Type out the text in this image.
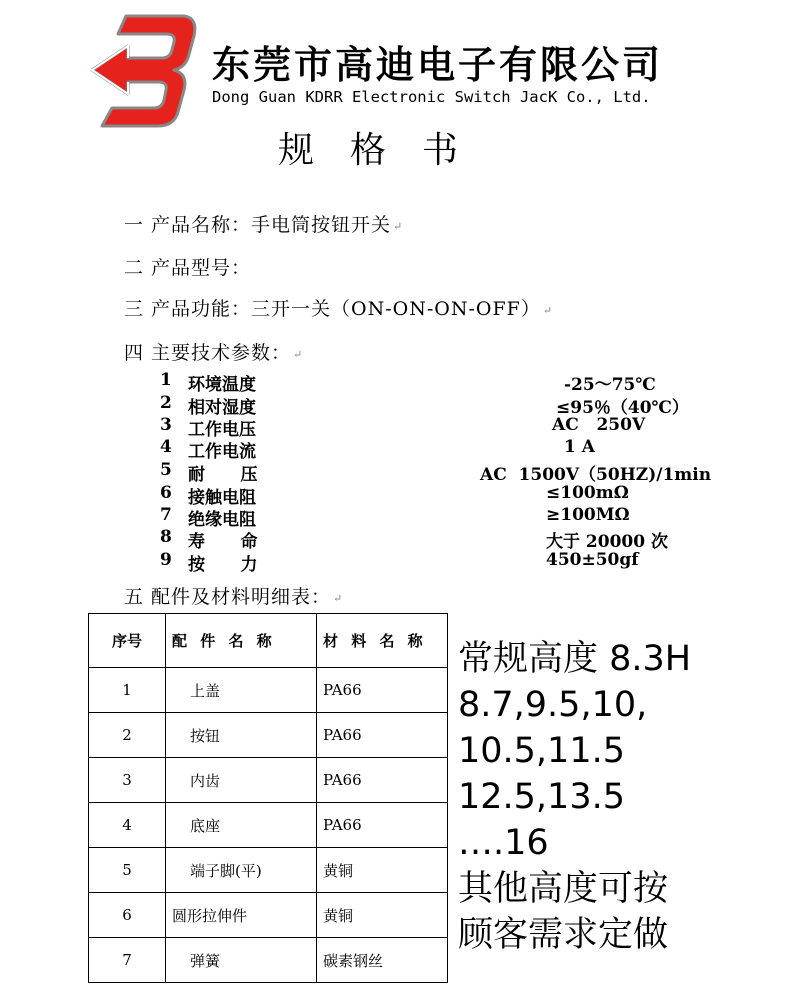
东莞市高迪电子有限公司
Dong Guan KDRR Electronic Switch JacK Co., Ltd.
规格书
一 产品名称：手电筒按钮开关 ↵
二 产品型号：
三 产品功能：三开一关（ON-ON-ON-OFF） ↵
四 主要技术参数： ↵
1 环境温度	-25～75℃
2 相对湿度	≤95％（40℃）
3 工作电压	AC   250V
4 工作电流	1 A
5 耐      压	AC  1500V（50HZ)/1min
6 接触电阻	≤100mΩ
7 绝缘电阻	≥100MΩ
8 寿      命	大于 20000 次
9 按      力	450±50gf
五 配件及材料明细表： ↵
序号	配 件 名 称	材 料 名 称
1	上盖	PA66
2	按钮	PA66
3	内齿	PA66
4	底座	PA66
5	端子脚(平)	黄铜
6	圆形拉伸件	黄铜
7	弹簧	碳素钢丝
常规高度 8.3H
8.7,9.5,10,
10.5,11.5
12.5,13.5
….16
其他高度可按
顾客需求定做
